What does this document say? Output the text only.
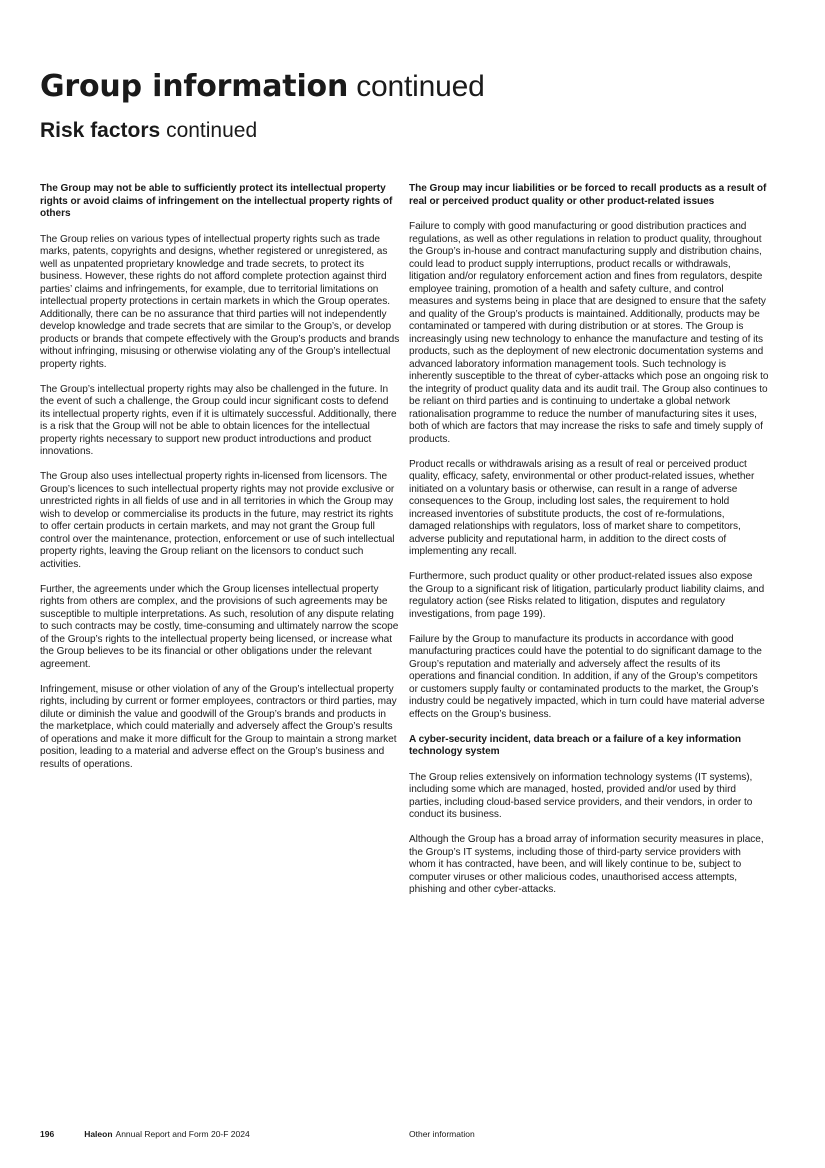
Group information continued
Risk factors continued
The Group may not be able to sufficiently protect its intellectual property rights or avoid claims of infringement on the intellectual property rights of others

The Group relies on various types of intellectual property rights such as trade marks, patents, copyrights and designs, whether registered or unregistered, as well as unpatented proprietary knowledge and trade secrets, to protect its business. However, these rights do not afford complete protection against third parties’ claims and infringements, for example, due to territorial limitations on intellectual property protections in certain markets in which the Group operates. Additionally, there can be no assurance that third parties will not independently develop knowledge and trade secrets that are similar to the Group’s, or develop products or brands that compete effectively with the Group’s products and brands without infringing, misusing or otherwise violating any of the Group’s intellectual property rights.

The Group’s intellectual property rights may also be challenged in the future. In the event of such a challenge, the Group could incur significant costs to defend its intellectual property rights, even if it is ultimately successful. Additionally, there is a risk that the Group will not be able to obtain licences for the intellectual property rights necessary to support new product introductions and product innovations.

The Group also uses intellectual property rights in-licensed from licensors. The Group’s licences to such intellectual property rights may not provide exclusive or unrestricted rights in all fields of use and in all territories in which the Group may wish to develop or commercialise its products in the future, may restrict its rights to offer certain products in certain markets, and may not grant the Group full control over the maintenance, protection, enforcement or use of such intellectual property rights, leaving the Group reliant on the licensors to conduct such activities.

Further, the agreements under which the Group licenses intellectual property rights from others are complex, and the provisions of such agreements may be susceptible to multiple interpretations. As such, resolution of any dispute relating to such contracts may be costly, time-consuming and ultimately narrow the scope of the Group’s rights to the intellectual property being licensed, or increase what the Group believes to be its financial or other obligations under the relevant agreement.

Infringement, misuse or other violation of any of the Group’s intellectual property rights, including by current or former employees, contractors or third parties, may dilute or diminish the value and goodwill of the Group’s brands and products in the marketplace, which could materially and adversely affect the Group’s results of operations and make it more difficult for the Group to maintain a strong market position, leading to a material and adverse effect on the Group’s business and results of operations.

The Group may incur liabilities or be forced to recall products as a result of real or perceived product quality or other product-related issues

Failure to comply with good manufacturing or good distribution practices and regulations, as well as other regulations in relation to product quality, throughout the Group’s in-house and contract manufacturing supply and distribution chains, could lead to product supply interruptions, product recalls or withdrawals, litigation and/or regulatory enforcement action and fines from regulators, despite employee training, promotion of a health and safety culture, and control measures and systems being in place that are designed to ensure that the safety and quality of the Group’s products is maintained. Additionally, products may be contaminated or tampered with during distribution or at stores. The Group is increasingly using new technology to enhance the manufacture and testing of its products, such as the deployment of new electronic documentation systems and advanced laboratory information management tools. Such technology is inherently susceptible to the threat of cyber-attacks which pose an ongoing risk to the integrity of product quality data and its audit trail. The Group also continues to be reliant on third parties and is continuing to undertake a global network rationalisation programme to reduce the number of manufacturing sites it uses, both of which are factors that may increase the risks to safe and timely supply of products.

Product recalls or withdrawals arising as a result of real or perceived product quality, efficacy, safety, environmental or other product-related issues, whether initiated on a voluntary basis or otherwise, can result in a range of adverse consequences to the Group, including lost sales, the requirement to hold increased inventories of substitute products, the cost of re-formulations, damaged relationships with regulators, loss of market share to competitors, adverse publicity and reputational harm, in addition to the direct costs of implementing any recall.

Furthermore, such product quality or other product-related issues also expose the Group to a significant risk of litigation, particularly product liability claims, and regulatory action (see Risks related to litigation, disputes and regulatory investigations, from page 199).

Failure by the Group to manufacture its products in accordance with good manufacturing practices could have the potential to do significant damage to the Group’s reputation and materially and adversely affect the results of its operations and financial condition. In addition, if any of the Group’s competitors or customers supply faulty or contaminated products to the market, the Group’s industry could be negatively impacted, which in turn could have material adverse effects on the Group’s business.

A cyber-security incident, data breach or a failure of a key information technology system

The Group relies extensively on information technology systems (IT systems), including some which are managed, hosted, provided and/or used by third parties, including cloud-based service providers, and their vendors, in order to conduct its business.

Although the Group has a broad array of information security measures in place, the Group’s IT systems, including those of third-party service providers with whom it has contracted, have been, and will likely continue to be, subject to computer viruses or other malicious codes, unauthorised access attempts, phishing and other cyber-attacks.

196	Haleon Annual Report and Form 20-F 2024	Other information
